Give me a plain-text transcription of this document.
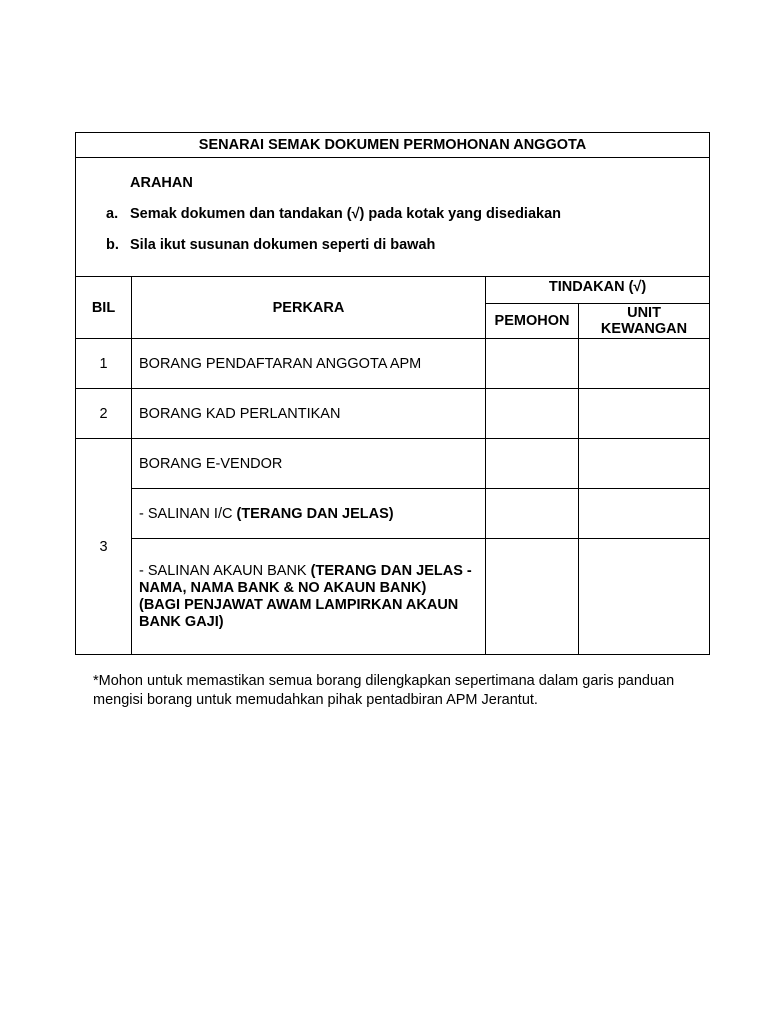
SENARAI SEMAK DOKUMEN PERMOHONAN ANGGOTA			

ARAHAN
a. Semak dokumen dan tandakan (√) pada kotak yang disediakan
b. Sila ikut susunan dokumen seperti di bawah			

BIL	PERKARA	TINDAKAN (√)	
		PEMOHON	UNIT
KEWANGAN

1	BORANG PENDAFTARAN ANGGOTA APM		
2	BORANG KAD PERLANTIKAN		
3	BORANG E-VENDOR		
	- SALINAN I/C (TERANG DAN JELAS)		

	- SALINAN AKAUN BANK (TERANG DAN JELAS - NAMA, NAMA BANK & NO AKAUN BANK)
(BAGI PENJAWAT AWAM LAMPIRKAN AKAUN BANK GAJI)		

*Mohon untuk memastikan semua borang dilengkapkan sepertimana dalam garis panduan mengisi borang untuk memudahkan pihak pentadbiran APM Jerantut.
